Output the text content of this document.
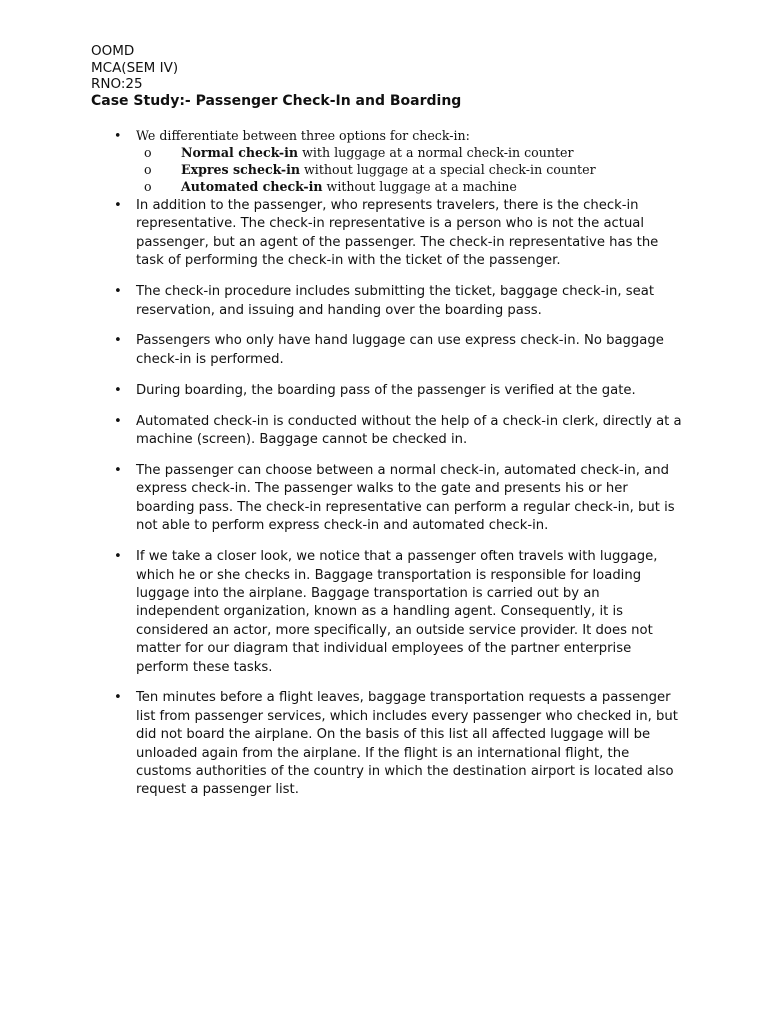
OOMD
MCA(SEM IV)
RNO:25
Case Study:- Passenger Check-In and Boarding
•	We differentiate between three options for check-in:
o	Normal check-in with luggage at a normal check-in counter
o	Expres scheck-in without luggage at a special check-in counter
o	Automated check-in without luggage at a machine
•	In addition to the passenger, who represents travelers, there is the check-in representative. The check-in representative is a person who is not the actual passenger, but an agent of the passenger. The check-in representative has the task of performing the check-in with the ticket of the passenger.
•	The check-in procedure includes submitting the ticket, baggage check-in, seat reservation, and issuing and handing over the boarding pass.
•	Passengers who only have hand luggage can use express check-in. No baggage check-in is performed.
•	During boarding, the boarding pass of the passenger is verified at the gate.
•	Automated check-in is conducted without the help of a check-in clerk, directly at a machine (screen). Baggage cannot be checked in.
•	The passenger can choose between a normal check-in, automated check-in, and express check-in. The passenger walks to the gate and presents his or her boarding pass. The check-in representative can perform a regular check-in, but is not able to perform express check-in and automated check-in.
•	If we take a closer look, we notice that a passenger often travels with luggage, which he or she checks in. Baggage transportation is responsible for loading luggage into the airplane. Baggage transportation is carried out by an independent organization, known as a handling agent. Consequently, it is considered an actor, more specifically, an outside service provider. It does not matter for our diagram that individual employees of the partner enterprise perform these tasks.
•	Ten minutes before a flight leaves, baggage transportation requests a passenger list from passenger services, which includes every passenger who checked in, but did not board the airplane. On the basis of this list all affected luggage will be unloaded again from the airplane. If the flight is an international flight, the customs authorities of the country in which the destination airport is located also request a passenger list.
